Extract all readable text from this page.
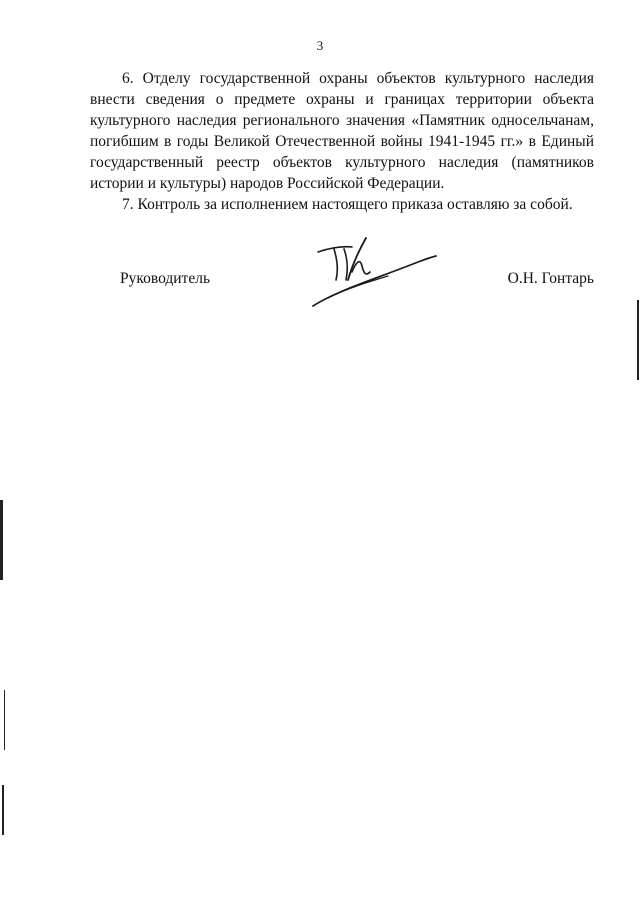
3

6. Отделу государственной охраны объектов культурного наследия внести сведения о предмете охраны и границах территории объекта культурного наследия регионального значения «Памятник односельчанам, погибшим в годы Великой Отечественной войны 1941-1945 гг.» в Единый государственный реестр объектов культурного наследия (памятников истории и культуры) народов Российской Федерации.

7. Контроль за исполнением настоящего приказа оставляю за собой.

Руководитель	О.Н. Гонтарь
